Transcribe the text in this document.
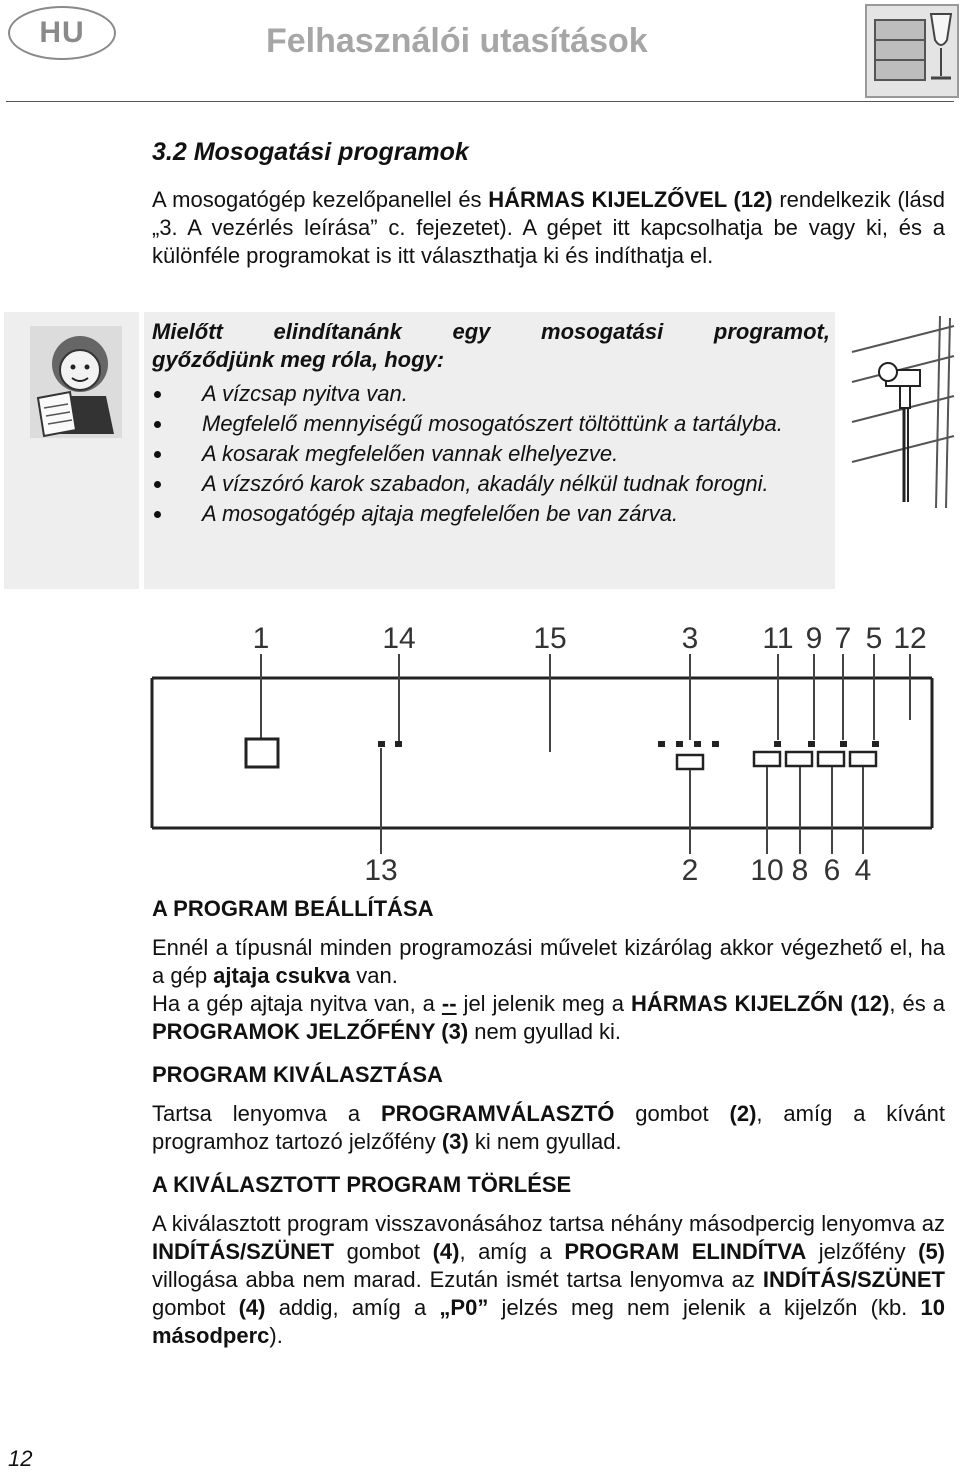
HU	Felhasználói utasítások
3.2 Mosogatási programok
A mosogatógép kezelőpanellel és HÁRMAS KIJELZŐVEL (12) rendelkezik (lásd „3. A vezérlés leírása” c. fejezetet). A gépet itt kapcsolhatja be vagy ki, és a különféle programokat is itt választhatja ki és indíthatja el.
Mielőtt elindítanánk egy mosogatási programot,
győződjünk meg róla, hogy:
A vízcsap nyitva van.
Megfelelő mennyiségű mosogatószert töltöttünk a tartályba.
A kosarak megfelelően vannak elhelyezve.
A vízszóró karok szabadon, akadály nélkül tudnak forogni.
A mosogatógép ajtaja megfelelően be van zárva.
1	14	15	3 11 9 7 5 12
13	2 10 8 6 4
A PROGRAM BEÁLLÍTÁSA
Ennél a típusnál minden programozási művelet kizárólag akkor végezhető el, ha a gép ajtaja csukva van.
Ha a gép ajtaja nyitva van, a -- jel jelenik meg a HÁRMAS KIJELZŐN (12), és a PROGRAMOK JELZŐFÉNY (3) nem gyullad ki.
PROGRAM KIVÁLASZTÁSA
Tartsa lenyomva a PROGRAMVÁLASZTÓ gombot (2), amíg a kívánt programhoz tartozó jelzőfény (3) ki nem gyullad.
A KIVÁLASZTOTT PROGRAM TÖRLÉSE
A kiválasztott program visszavonásához tartsa néhány másodpercig lenyomva az INDÍTÁS/SZÜNET gombot (4), amíg a PROGRAM ELINDÍTVA jelzőfény (5) villogása abba nem marad. Ezután ismét tartsa lenyomva az INDÍTÁS/SZÜNET gombot (4) addig, amíg a „P0” jelzés meg nem jelenik a kijelzőn (kb. 10 másodperc).
12
